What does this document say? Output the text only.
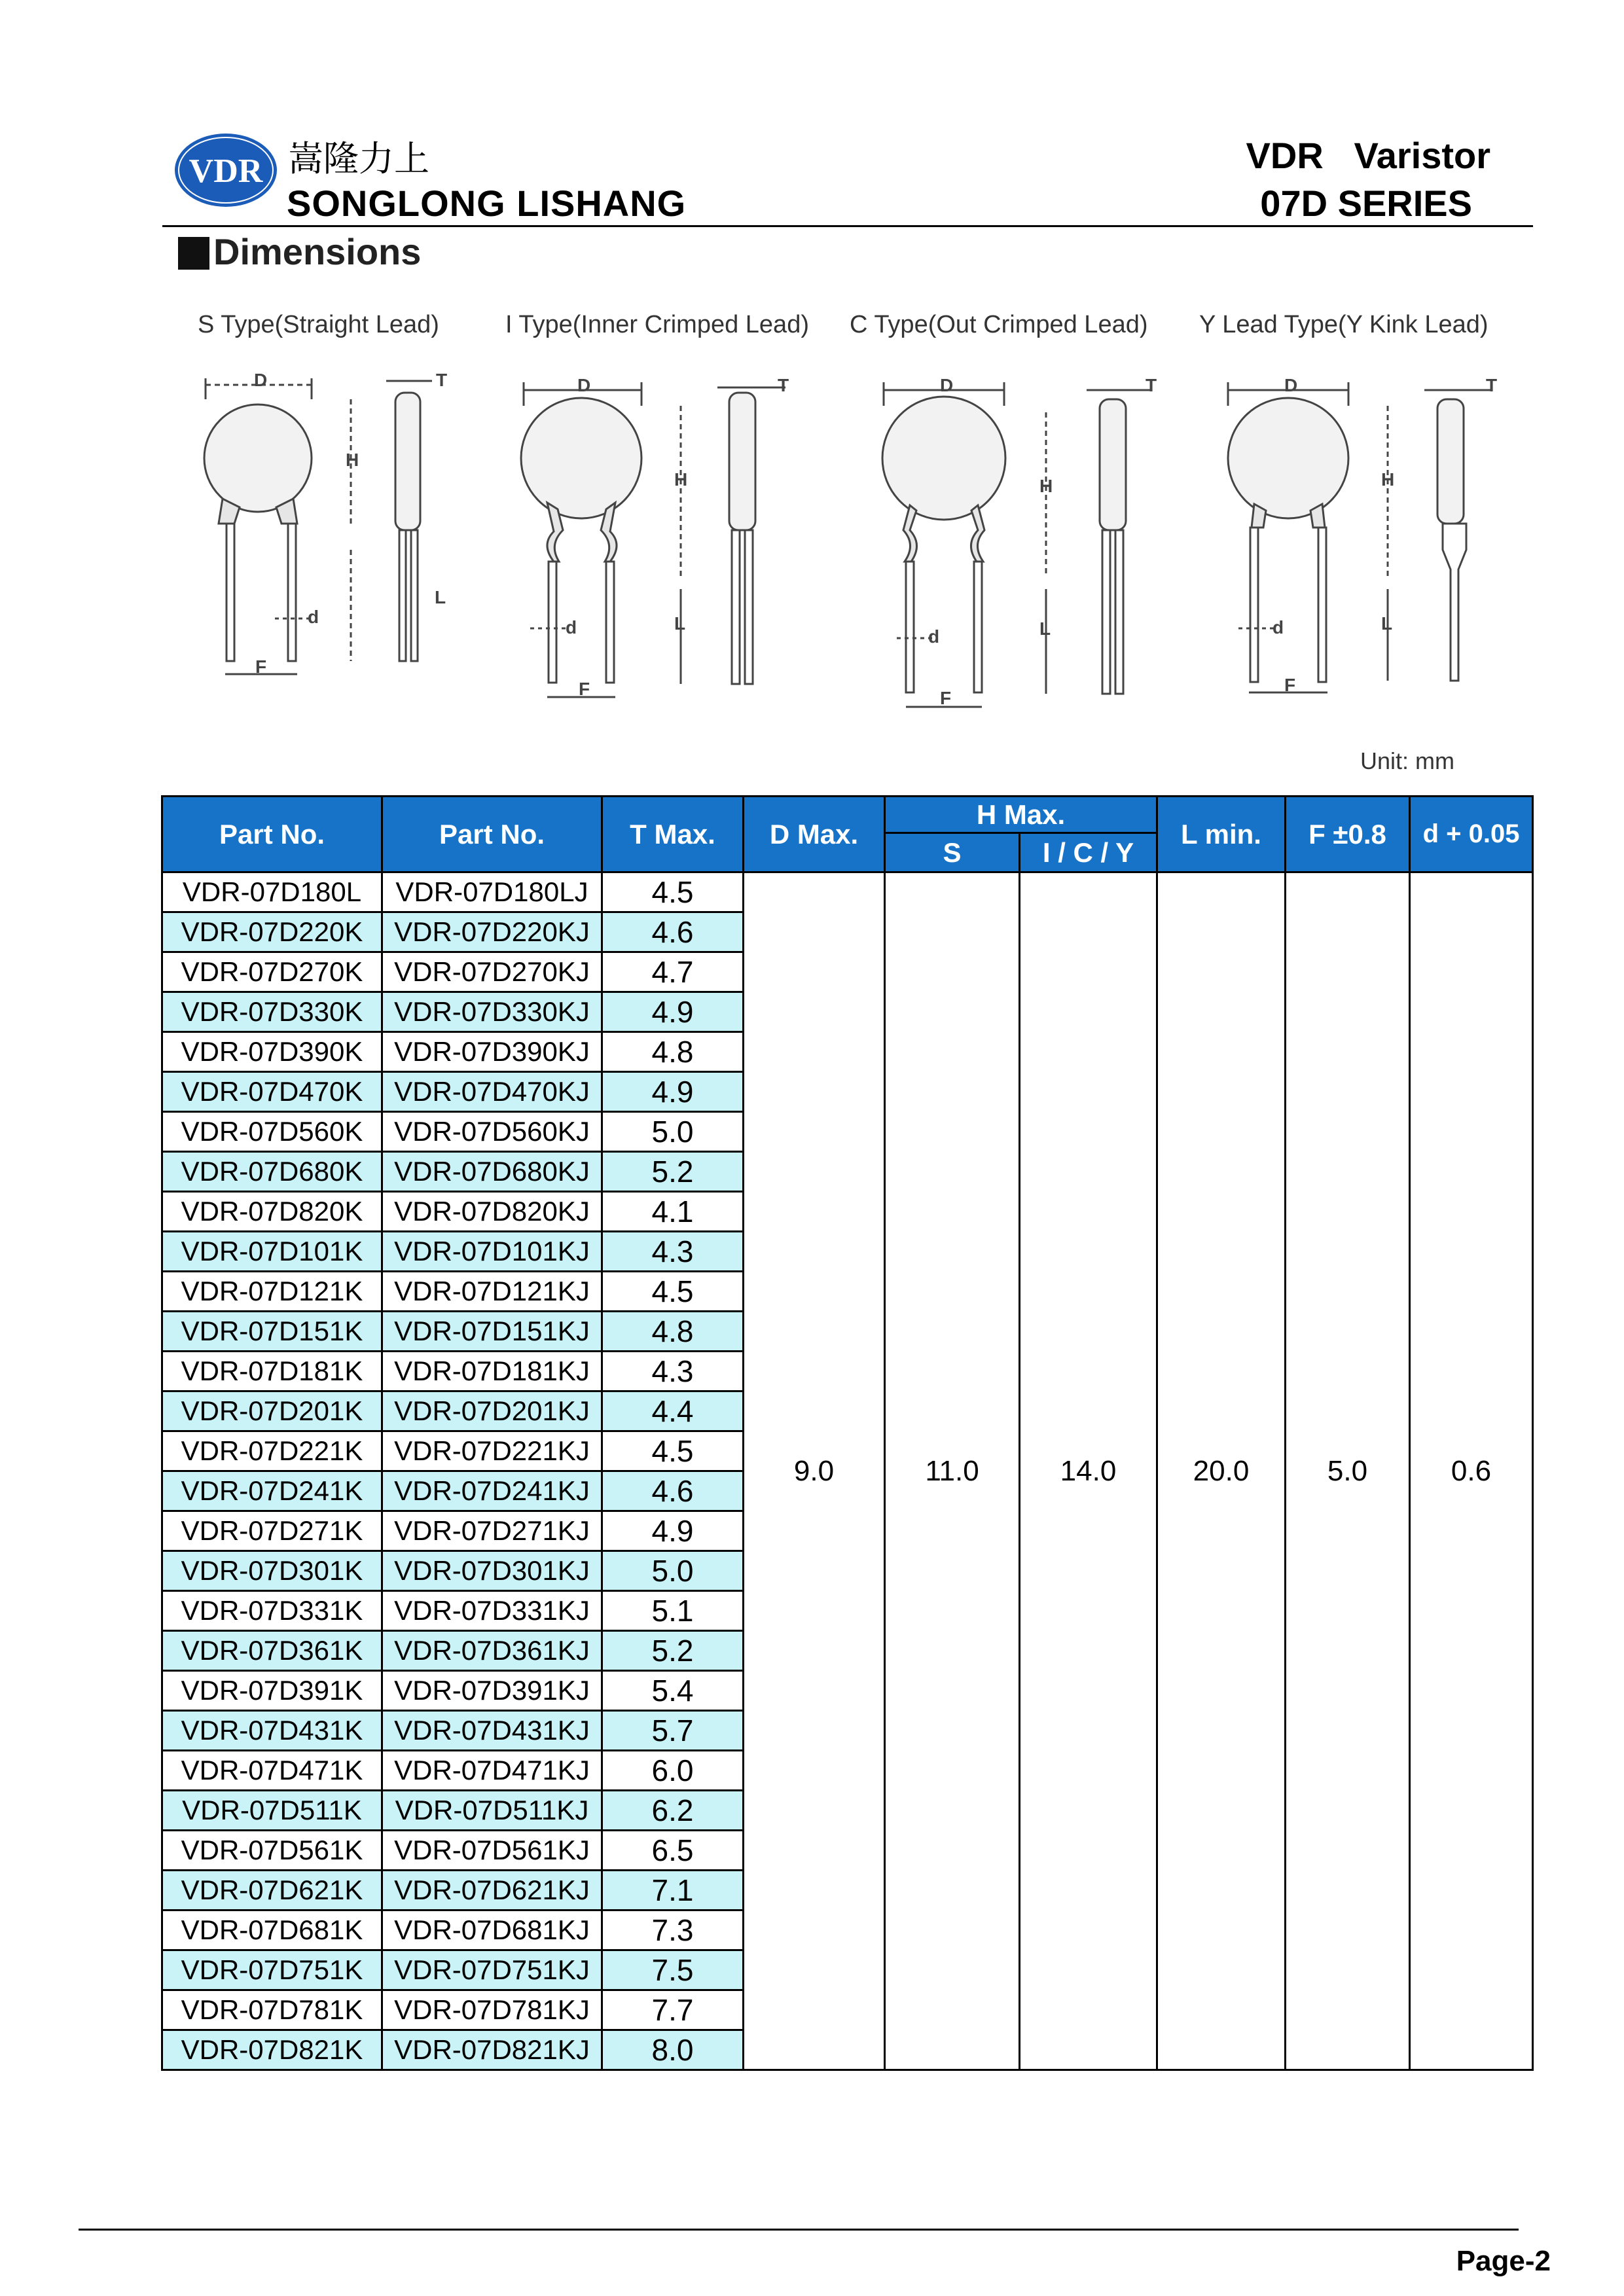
VDR 嵩隆力上
SONGLONG LISHANG
VDR   Varistor
07D SERIES
Dimensions
S Type(Straight Lead)	I Type(Inner Crimped Lead) C Type(Out Crimped Lead) Y Lead Type(Y Kink Lead)
D	T
H
L
d
F
D	T
H
L
d
F
D	T
H
L
d
F
D	T
H
L
d
F
Unit: mm
Part No.	Part No.	T Max.	D Max.	H Max.		L min.	F ±0.8	d + 0.05
				S	I / C / Y			
VDR-07D180L	VDR-07D180LJ	4.5	9.0	11.0	14.0	20.0	5.0	0.6
VDR-07D220K	VDR-07D220KJ	4.6						
VDR-07D270K	VDR-07D270KJ	4.7						
VDR-07D330K	VDR-07D330KJ	4.9						
VDR-07D390K	VDR-07D390KJ	4.8						
VDR-07D470K	VDR-07D470KJ	4.9						
VDR-07D560K	VDR-07D560KJ	5.0						
VDR-07D680K	VDR-07D680KJ	5.2						
VDR-07D820K	VDR-07D820KJ	4.1						
VDR-07D101K	VDR-07D101KJ	4.3						
VDR-07D121K	VDR-07D121KJ	4.5						
VDR-07D151K	VDR-07D151KJ	4.8						
VDR-07D181K	VDR-07D181KJ	4.3						
VDR-07D201K	VDR-07D201KJ	4.4						
VDR-07D221K	VDR-07D221KJ	4.5						
VDR-07D241K	VDR-07D241KJ	4.6						
VDR-07D271K	VDR-07D271KJ	4.9						
VDR-07D301K	VDR-07D301KJ	5.0						
VDR-07D331K	VDR-07D331KJ	5.1						
VDR-07D361K	VDR-07D361KJ	5.2						
VDR-07D391K	VDR-07D391KJ	5.4						
VDR-07D431K	VDR-07D431KJ	5.7						
VDR-07D471K	VDR-07D471KJ	6.0						
VDR-07D511K	VDR-07D511KJ	6.2						
VDR-07D561K	VDR-07D561KJ	6.5						
VDR-07D621K	VDR-07D621KJ	7.1						
VDR-07D681K	VDR-07D681KJ	7.3						
VDR-07D751K	VDR-07D751KJ	7.5						
VDR-07D781K	VDR-07D781KJ	7.7						
VDR-07D821K	VDR-07D821KJ	8.0						
Page-2
